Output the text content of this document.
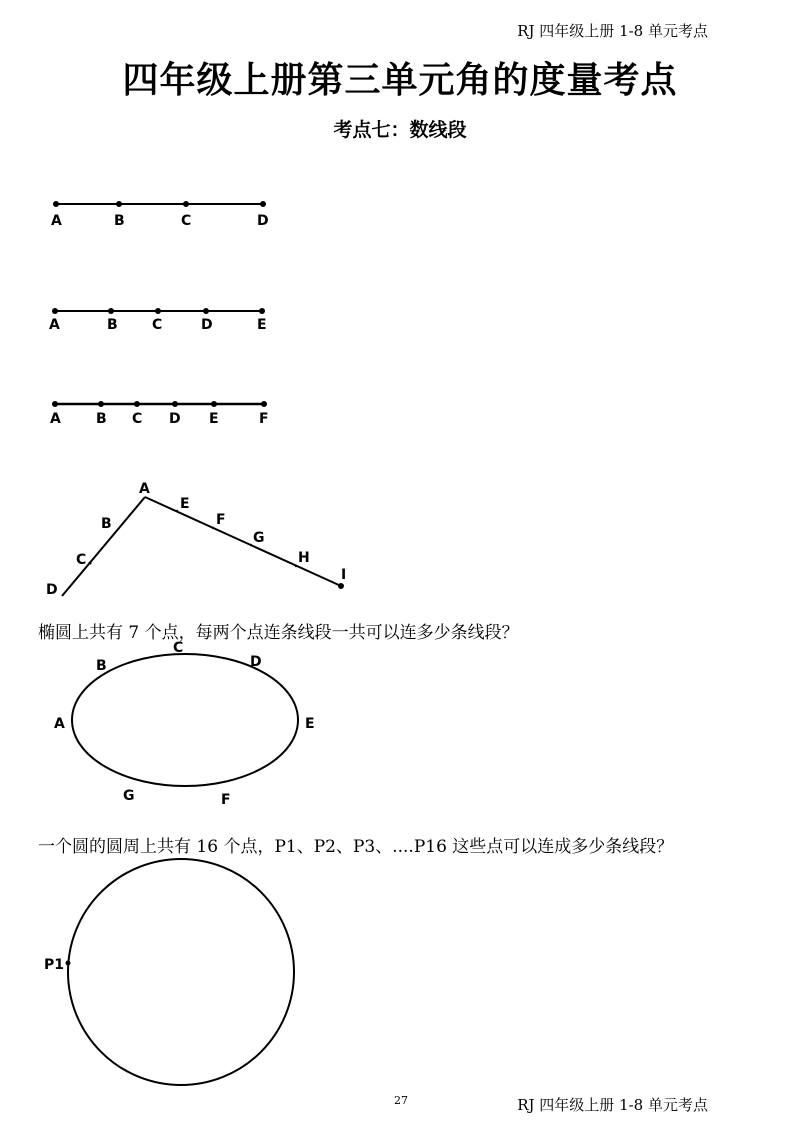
RJ 四年级上册 1-8 单元考点
四年级上册第三单元角的度量考点
考点七：数线段
A	B	C	D
A	B C	D	E
A	B C D E	F
A
B
C
D
E
F
G
H
I
A
B
C
D
E
F
G
P1
椭圆上共有 7 个点，每两个点连条线段一共可以连多少条线段？
一个圆的圆周上共有 16 个点，P1、P2、P3、....P16 这些点可以连成多少条线段？
27	RJ 四年级上册 1-8 单元考点
